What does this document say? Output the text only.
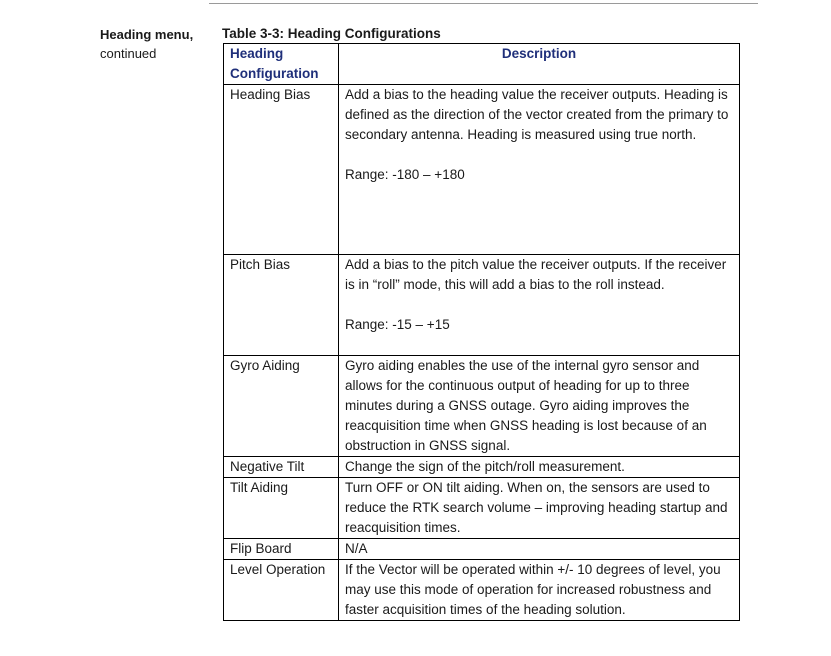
Heading menu,
continued
Table 3-3: Heading Configurations
Heading Configuration	Description
Heading Bias	Add a bias to the heading value the receiver outputs. Heading is defined as the direction of the vector created from the primary to secondary antenna. Heading is measured using true north.

Range: -180 – +180

Pitch Bias	Add a bias to the pitch value the receiver outputs. If the receiver is in “roll” mode, this will add a bias to the roll instead.

Range: -15 – +15

Gyro Aiding	Gyro aiding enables the use of the internal gyro sensor and allows for the continuous output of heading for up to three minutes during a GNSS outage. Gyro aiding improves the reacquisition time when GNSS heading is lost because of an obstruction in GNSS signal.
Negative Tilt	Change the sign of the pitch/roll measurement.
Tilt Aiding	Turn OFF or ON tilt aiding. When on, the sensors are used to reduce the RTK search volume – improving heading startup and reacquisition times.
Flip Board	N/A
Level Operation	If the Vector will be operated within +/- 10 degrees of level, you may use this mode of operation for increased robustness and faster acquisition times of the heading solution.
